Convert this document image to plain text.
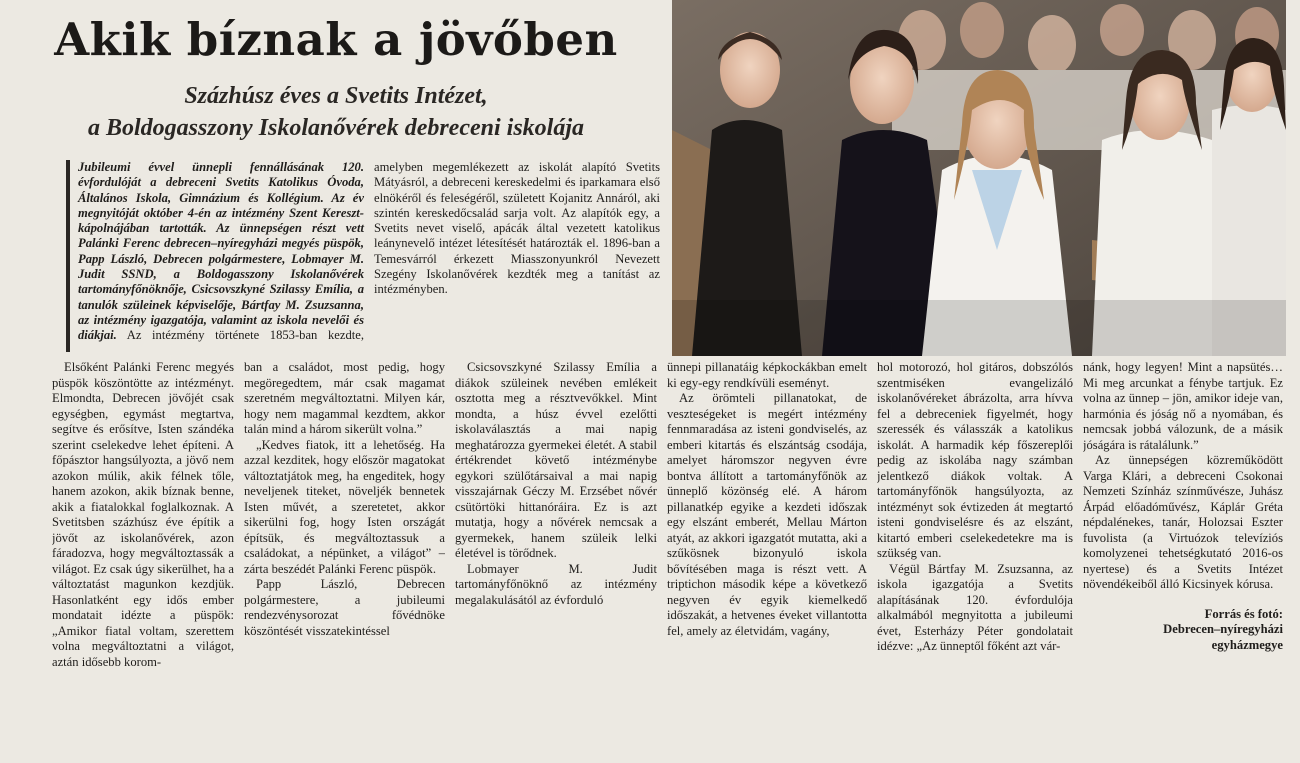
Akik bíznak a jövőben
Százhúsz éves a Svetits Intézet,
a Boldogasszony Iskolanővérek debreceni iskolája

Jubileumi évvel ünnepli fennállásának 120. évfordulóját a debreceni Svetits Katolikus Óvoda, Általános Iskola, Gimnázium és Kollégium. Az év megnyitóját október 4-én az intézmény Szent Kereszt-kápolnájában tartották. Az ünnepségen részt vett Palánki Ferenc debrecen–nyíregyházi megyés püspök, Papp László, Debrecen polgármestere, Lobmayer M. Judit SSND, a Boldogasszony Iskolanővérek tartományfőnöknője, Csicsovszkyné Szilassy Emília, a tanulók szüleinek képviselője, Bártfay M. Zsuzsanna, az intézmény igazgatója, valamint az iskola nevelői és diákjai. Az intézmény története 1853-ban kezdte, amelyben megemlékezett az iskolát alapító Svetits Mátyásról, a debreceni kereskedelmi és iparkamara első elnökéről és feleségéről, született Kojanitz Annáról, aki szintén kereskedőcsalád sarja volt. Az alapítók egy, a Svetits nevet viselő, apácák által vezetett katolikus leánynevelő intézet létesítését határozták el. 1896-ban a Temesvárról érkezett Miasszonyunkról Nevezett Szegény Iskolanővérek kezdték meg a tanítást az intézményben.

Elsőként Palánki Ferenc megyés püspök köszöntötte az intézményt. Elmondta, Debrecen jövőjét csak egységben, egymást megtartva, segítve és erősítve, Isten szándéka szerint cselekedve lehet építeni. A főpásztor hangsúlyozta, a jövő nem azokon múlik, akik félnek tőle, hanem azokon, akik bíznak benne, akik a fiatalokkal foglalkoznak. A Svetitsben százhúsz éve építik a jövőt az iskolanővérek, azon fáradozva, hogy megváltoztassák a világot. Ez csak úgy sikerülhet, ha a változtatást magunkon kezdjük. Hasonlatként egy idős ember mondatait idézte a püspök: „Amikor fiatal voltam, szerettem volna megváltoztatni a világot, aztán idősebb korom-

ban a családot, most pedig, hogy megöregedtem, már csak magamat szeretném megváltoztatni. Milyen kár, hogy nem magammal kezdtem, akkor talán mind a három sikerült volna.”

„Kedves fiatok, itt a lehetőség. Ha azzal kezditek, hogy először magatokat változtatjátok meg, ha engeditek, hogy neveljenek titeket, növeljék bennetek Isten művét, a szeretetet, akkor sikerülni fog, hogy Isten országát építsük, és megváltoztassuk a családokat, a népünket, a világot” – zárta beszédét Palánki Ferenc püspök.

Papp László, Debrecen polgármestere, a jubileumi rendezvénysorozat fővédnöke köszöntését visszatekintéssel

Csicsovszkyné Szilassy Emília a diákok szüleinek nevében emlékeit osztotta meg a résztvevőkkel. Mint mondta, a húsz évvel ezelőtti iskolaválasztás a mai napig meghatározza gyermekei életét. A stabil értékrendet követő intézménybe egykori szülőtársaival a mai napig visszajárnak Géczy M. Erzsébet nővér csütörtöki hittanóráira. Ez is azt mutatja, hogy a nővérek nemcsak a gyermekek, hanem szüleik lelki életével is törődnek.

Lobmayer M. Judit tartományfőnöknő az intézmény megalakulásától az évforduló

ünnepi pillanatáig képkockákban emelt ki egy-egy rendkívüli eseményt.

Az örömteli pillanatokat, de veszteségeket is megért intézmény fennmaradása az isteni gondviselés, az emberi kitartás és elszántság csodája, amelyet háromszor negyven évre bontva állított a tartományfőnök az ünneplő közönség elé. A három pillanatkép egyike a kezdeti időszak egy elszánt emberét, Mellau Márton atyát, az akkori igazgatót mutatta, aki a szűkösnek bizonyuló iskola bővítésében maga is részt vett. A triptichon második képe a következő negyven év egyik kiemelkedő időszakát, a hetvenes éveket villantotta fel, amely az életvidám, vagány,

hol motorozó, hol gitáros, dobszólós szentmiséken evangelizáló iskolanővéreket ábrázolta, arra hívva fel a debreceniek figyelmét, hogy szeressék és válasszák a katolikus iskolát. A harmadik kép főszereplői pedig az iskolába nagy számban jelentkező diákok voltak. A tartományfőnök hangsúlyozta, az intézményt sok évtizeden át megtartó isteni gondviselésre és az elszánt, kitartó emberi cselekedetekre ma is szükség van.

Végül Bártfay M. Zsuzsanna, az iskola igazgatója a Svetits alapításának 120. évfordulója alkalmából megnyitotta a jubileumi évet, Esterházy Péter gondolatait idézve: „Az ünneptől főként azt vár-

nánk, hogy legyen! Mint a napsütés… Mi meg arcunkat a fénybe tartjuk. Ez volna az ünnep – jön, amikor ideje van, harmónia és jóság nő a nyomában, és nemcsak jobbá válozunk, de a másik jóságára is rátalálunk.”

Az ünnepségen közreműködött Varga Klári, a debreceni Csokonai Nemzeti Színház színművésze, Juhász Árpád előadóművész, Káplár Gréta népdalénekes, tanár, Holozsai Eszter fuvolista (a Virtuózok televíziós komolyzenei tehetségkutató 2016-os nyertese) és a Svetits Intézet növendékeiből álló Kicsinyek kórusa.

Forrás és fotó:

Debrecen–nyíregyházi

egyházmegye
